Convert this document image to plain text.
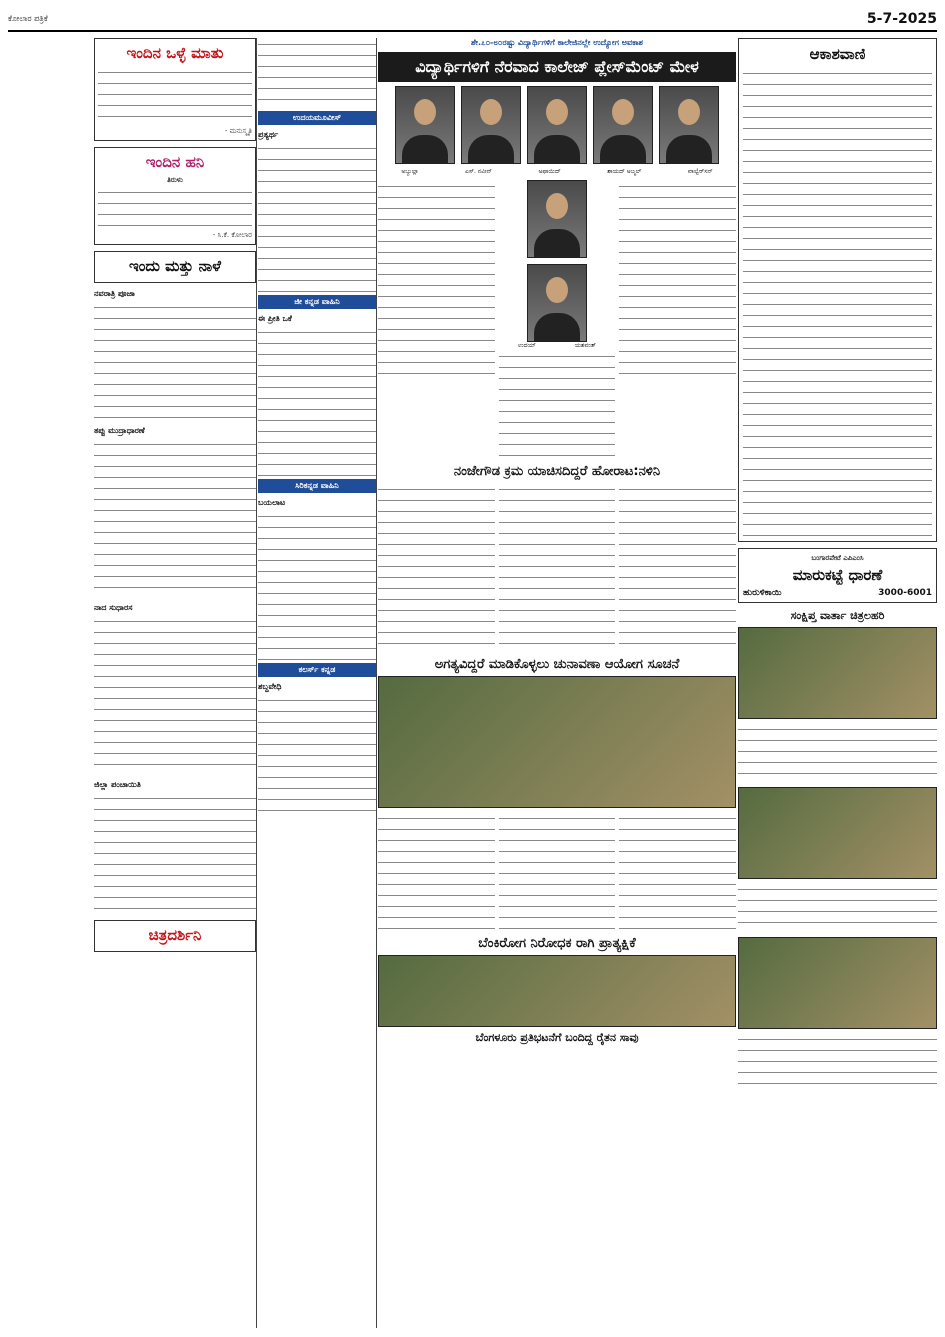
ಕೋಲಾರ ಪತ್ರಿಕೆ	5-7-2025
ಇಂದಿನ ಒಳ್ಳೆ ಮಾತು
- ಮನುಸ್ಮೃತಿ
ಇಂದಿನ ಹನಿ
ತಿರುಳು
- ಸಿ.ಕೆ. ಕೋಲಾರ
ಇಂದು ಮತ್ತು ನಾಳೆ
ನವರಾತ್ರಿ ಪೂಜಾ
ತಪ್ಪು ಮುದ್ರಾಧಾರಣೆ
ನಾದ ಸುಧಾರಸ
ಜಿಲ್ಲಾ ಪಂಚಾಯಿತಿ
ಚಿತ್ರದರ್ಶಿನಿ
ಉದಯಮೂವೀಸ್
ಪ್ರತ್ಯರ್ಥ
ಜೀ ಕನ್ನಡ ವಾಹಿನಿ
ಈ ಪ್ರೀತಿ ಒಕೆ
ಸಿರಿಕನ್ನಡ ವಾಹಿನಿ
ಬಯಲಾಟ
ಕಲರ್ಸ್ ಕನ್ನಡ
ಶಬ್ದವೇಧಿ
ಶೇ.೭೦-೮೦ರಷ್ಟು ವಿದ್ಯಾರ್ಥಿಗಳಿಗೆ ಕಾಲೇಜಿನಲ್ಲೇ ಉದ್ಯೋಗ ಅವಕಾಶ
ವಿದ್ಯಾರ್ಥಿಗಳಿಗೆ ನೆರವಾದ ಕಾಲೇಜ್ ಪ್ಲೇಸ್‌ಮೆಂಟ್ ಮೇಳ
ಅಬ್ದುಲ್ಲಾ	ಎಸ್. ನವೀನ್	ಅಫಾಯಿದ್	ಶಾಯದ್ ಅಜ್ಮಲ್	ವಾಲ್ವೆರ್‌ಸನ್
ಉದಯ್	ಯಶವಂತ್
ನಂಜೇಗೌಡ ಕ್ರಮ ಯಾಚಿಸದಿದ್ದರೆ ಹೋರಾಟ:ನಳಿನಿ
ಅಗತ್ಯವಿದ್ದರೆ ಮಾಡಿಕೊಳ್ಳಲು ಚುನಾವಣಾ ಆಯೋಗ ಸೂಚನೆ
ಬೆಂಕಿರೋಗ ನಿರೋಧಕ ರಾಗಿ ಪ್ರಾತ್ಯಕ್ಷಿಕೆ
ಬೆಂಗಳೂರು ಪ್ರತಿಭಟನೆಗೆ ಬಂದಿದ್ದ ರೈತನ ಸಾವು
ಆಕಾಶವಾಣಿ
ಬಂಗಾರಪೇಟೆ ಎಪಿಎಂಸಿ
ಮಾರುಕಟ್ಟೆ ಧಾರಣೆ
ಹುರುಳಿಕಾಯಿ	3000-6001
ಸಂಕ್ಷಿಪ್ತ ವಾರ್ತಾ ಚಿತ್ರಲಹರಿ
